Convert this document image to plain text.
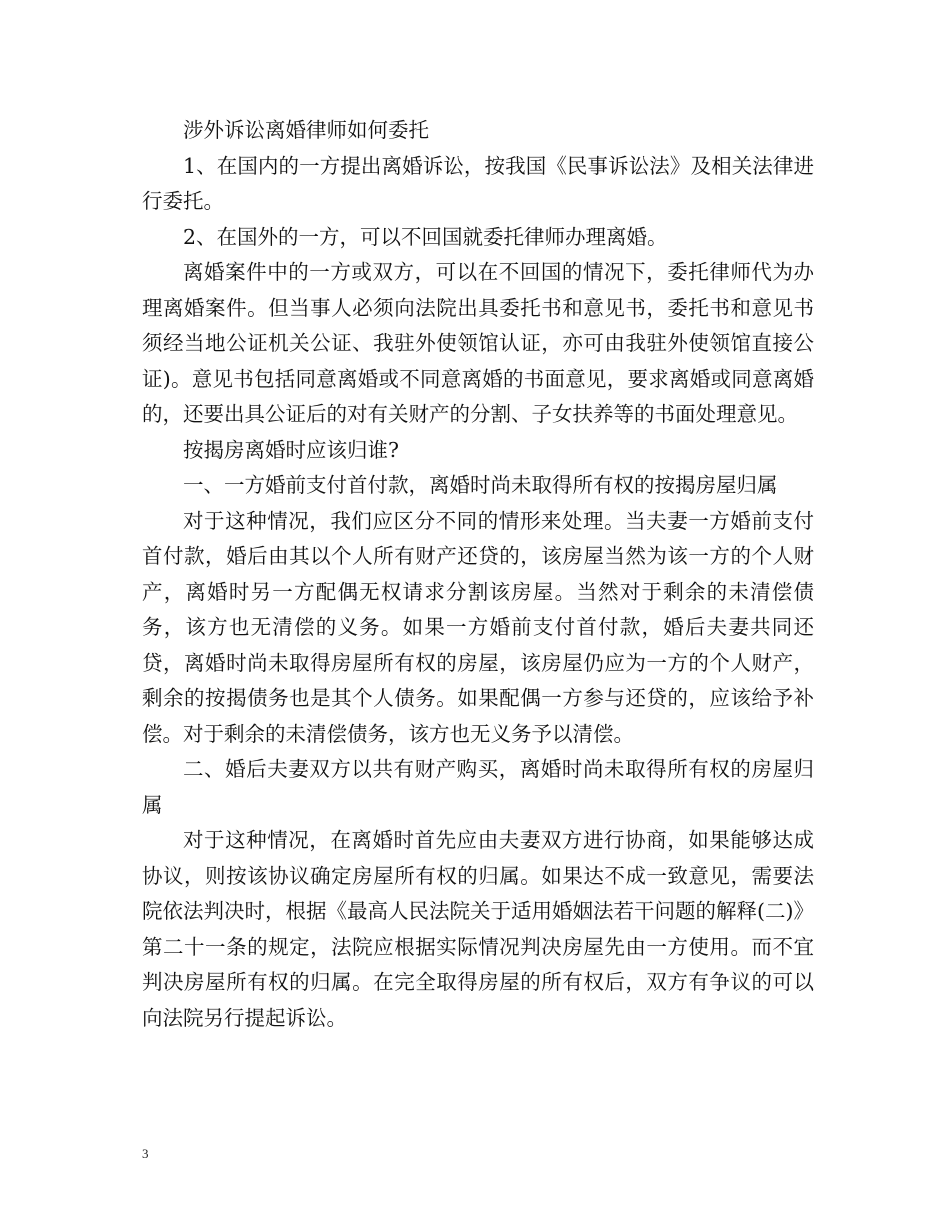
涉外诉讼离婚律师如何委托

1、在国内的一方提出离婚诉讼，按我国《民事诉讼法》及相关法律进行委托。

2、在国外的一方，可以不回国就委托律师办理离婚。

离婚案件中的一方或双方，可以在不回国的情况下，委托律师代为办理离婚案件。但当事人必须向法院出具委托书和意见书，委托书和意见书须经当地公证机关公证、我驻外使领馆认证，亦可由我驻外使领馆直接公证)。意见书包括同意离婚或不同意离婚的书面意见，要求离婚或同意离婚的，还要出具公证后的对有关财产的分割、子女扶养等的书面处理意见。

按揭房离婚时应该归谁?

一、一方婚前支付首付款，离婚时尚未取得所有权的按揭房屋归属

对于这种情况，我们应区分不同的情形来处理。当夫妻一方婚前支付首付款，婚后由其以个人所有财产还贷的，该房屋当然为该一方的个人财产，离婚时另一方配偶无权请求分割该房屋。当然对于剩余的未清偿债务，该方也无清偿的义务。如果一方婚前支付首付款，婚后夫妻共同还贷，离婚时尚未取得房屋所有权的房屋，该房屋仍应为一方的个人财产，剩余的按揭债务也是其个人债务。如果配偶一方参与还贷的，应该给予补偿。对于剩余的未清偿债务，该方也无义务予以清偿。

二、婚后夫妻双方以共有财产购买，离婚时尚未取得所有权的房屋归属

对于这种情况，在离婚时首先应由夫妻双方进行协商，如果能够达成协议，则按该协议确定房屋所有权的归属。如果达不成一致意见，需要法院依法判决时，根据《最高人民法院关于适用婚姻法若干问题的解释(二)》第二十一条的规定，法院应根据实际情况判决房屋先由一方使用。而不宜判决房屋所有权的归属。在完全取得房屋的所有权后，双方有争议的可以向法院另行提起诉讼。

3
